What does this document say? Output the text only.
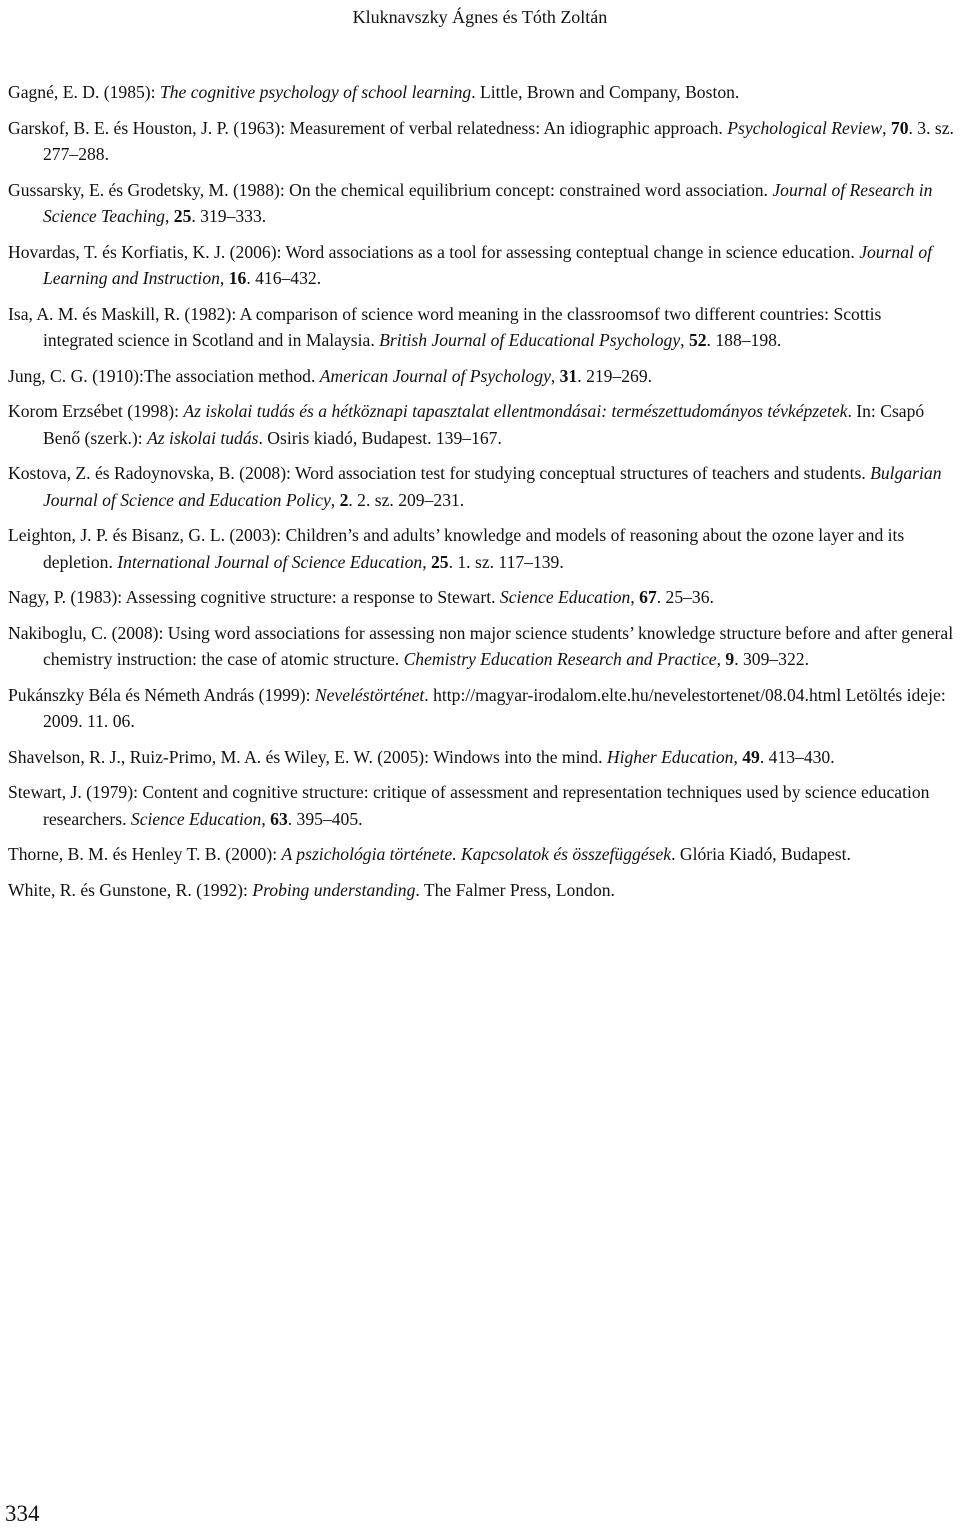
Kluknavszky Ágnes és Tóth Zoltán

Gagné, E. D. (1985): The cognitive psychology of school learning. Little, Brown and Company, Boston.

Garskof, B. E. és Houston, J. P. (1963): Measurement of verbal relatedness: An idiographic approach. Psychological Review, 70. 3. sz. 277–288.

Gussarsky, E. és Grodetsky, M. (1988): On the chemical equilibrium concept: constrained word association. Journal of Research in Science Teaching, 25. 319–333.

Hovardas, T. és Korfiatis, K. J. (2006): Word associations as a tool for assessing conteptual change in science education. Journal of Learning and Instruction, 16. 416–432.

Isa, A. M. és Maskill, R. (1982): A comparison of science word meaning in the classroomsof two different countries: Scottis integrated science in Scotland and in Malaysia. British Journal of Educational Psychology, 52. 188–198.

Jung, C. G. (1910):The association method. American Journal of Psychology, 31. 219–269.

Korom Erzsébet (1998): Az iskolai tudás és a hétköznapi tapasztalat ellentmondásai: természettudományos tévképzetek. In: Csapó Benő (szerk.): Az iskolai tudás. Osiris kiadó, Budapest. 139–167.

Kostova, Z. és Radoynovska, B. (2008): Word association test for studying conceptual structures of teachers and students. Bulgarian Journal of Science and Education Policy, 2. 2. sz. 209–231.

Leighton, J. P. és Bisanz, G. L. (2003): Children’s and adults’ knowledge and models of reasoning about the ozone layer and its depletion. International Journal of Science Education, 25. 1. sz. 117–139.

Nagy, P. (1983): Assessing cognitive structure: a response to Stewart. Science Education, 67. 25–36.

Nakiboglu, C. (2008): Using word associations for assessing non major science students’ knowledge structure before and after general chemistry instruction: the case of atomic structure. Chemistry Education Research and Practice, 9. 309–322.

Pukánszky Béla és Németh András (1999): Neveléstörténet. http://magyar-irodalom.elte.hu/nevelestortenet/08.04.html Letöltés ideje: 2009. 11. 06.

Shavelson, R. J., Ruiz-Primo, M. A. és Wiley, E. W. (2005): Windows into the mind. Higher Education, 49. 413–430.

Stewart, J. (1979): Content and cognitive structure: critique of assessment and representation techniques used by science education researchers. Science Education, 63. 395–405.

Thorne, B. M. és Henley T. B. (2000): A pszichológia története. Kapcsolatok és összefüggések. Glória Kiadó, Budapest.

White, R. és Gunstone, R. (1992): Probing understanding. The Falmer Press, London.

334
